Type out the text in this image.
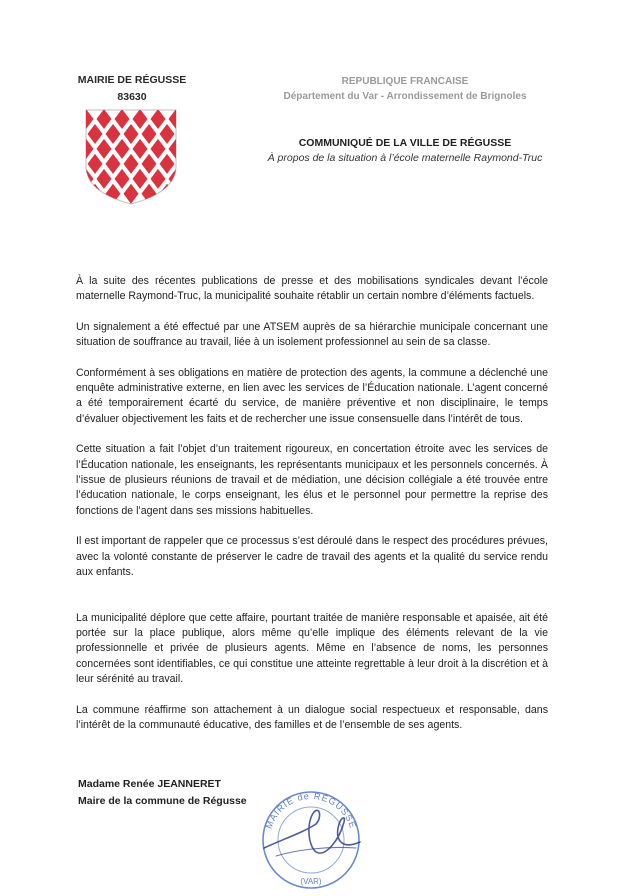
MAIRIE DE RÉGUSSE
83630
REPUBLIQUE FRANCAISE
Département du Var - Arrondissement de Brignoles
COMMUNIQUÉ DE LA VILLE DE RÉGUSSE
À propos de la situation à l’école maternelle Raymond-Truc

À la suite des récentes publications de presse et des mobilisations syndicales devant l’école maternelle Raymond-Truc, la municipalité souhaite rétablir un certain nombre d’éléments factuels.

Un signalement a été effectué par une ATSEM auprès de sa hiérarchie municipale concernant une situation de souffrance au travail, liée à un isolement professionnel au sein de sa classe.

Conformément à ses obligations en matière de protection des agents, la commune a déclenché une enquête administrative externe, en lien avec les services de l’Éducation nationale. L’agent concerné a été temporairement écarté du service, de manière préventive et non disciplinaire, le temps d’évaluer objectivement les faits et de rechercher une issue consensuelle dans l’intérêt de tous.

Cette situation a fait l’objet d’un traitement rigoureux, en concertation étroite avec les services de l’Éducation nationale, les enseignants, les représentants municipaux et les personnels concernés. À l’issue de plusieurs réunions de travail et de médiation, une décision collégiale a été trouvée entre l’éducation nationale, le corps enseignant, les élus et le personnel pour permettre la reprise des fonctions de l’agent dans ses missions habituelles.

Il est important de rappeler que ce processus s’est déroulé dans le respect des procédures prévues, avec la volonté constante de préserver le cadre de travail des agents et la qualité du service rendu aux enfants.

La municipalité déplore que cette affaire, pourtant traitée de manière responsable et apaisée, ait été portée sur la place publique, alors même qu’elle implique des éléments relevant de la vie professionnelle et privée de plusieurs agents. Même en l’absence de noms, les personnes concernées sont identifiables, ce qui constitue une atteinte regrettable à leur droit à la discrétion et à leur sérénité au travail.

La commune réaffirme son attachement à un dialogue social respectueux et responsable, dans l’intérêt de la communauté éducative, des familles et de l’ensemble de ses agents.

Madame Renée JEANNERET
Maire de la commune de Régusse
MAIRIE de RÉGUSSE
(VAR)
